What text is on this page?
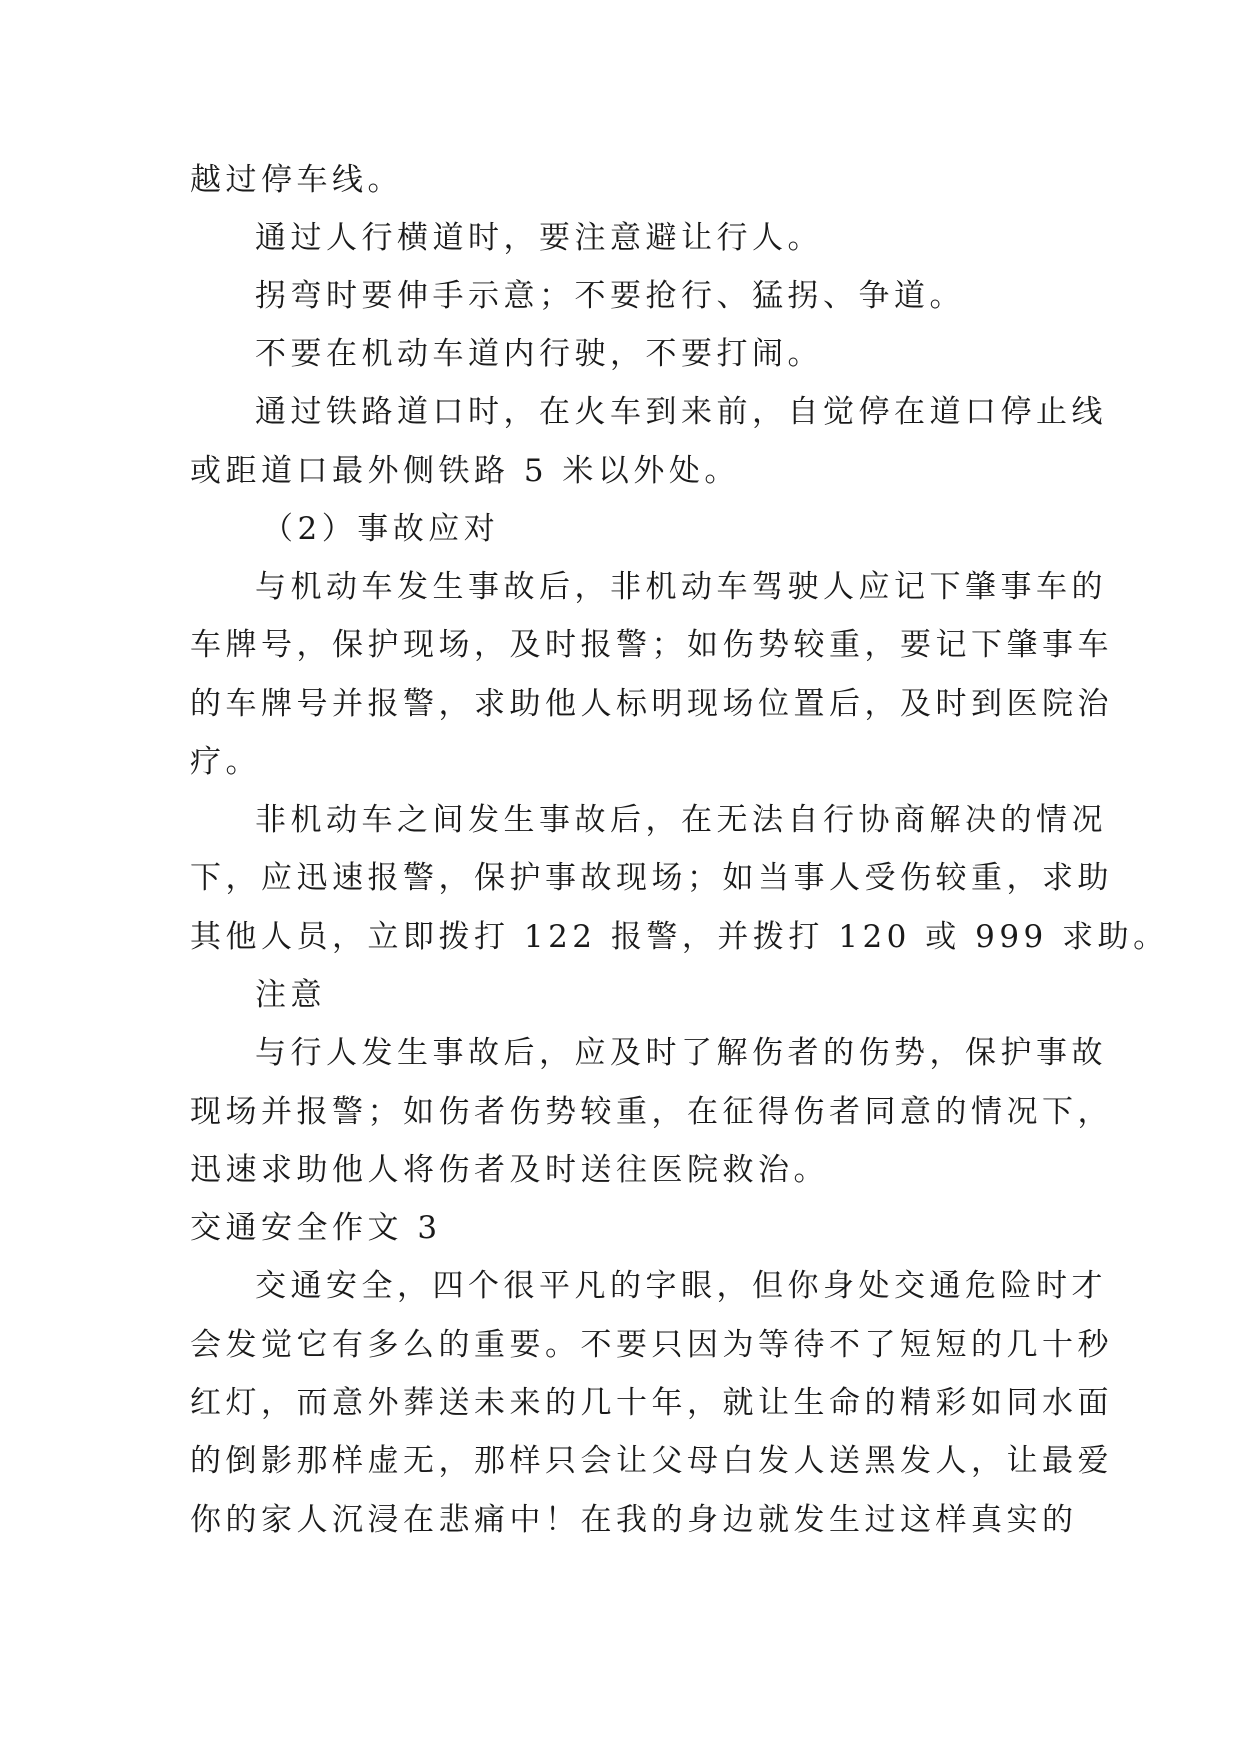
越过停车线。
通过人行横道时，要注意避让行人。
拐弯时要伸手示意；不要抢行、猛拐、争道。
不要在机动车道内行驶，不要打闹。
通过铁路道口时，在火车到来前，自觉停在道口停止线
或距道口最外侧铁路 5 米以外处。
（2）事故应对
与机动车发生事故后，非机动车驾驶人应记下肇事车的
车牌号，保护现场，及时报警；如伤势较重，要记下肇事车
的车牌号并报警，求助他人标明现场位置后，及时到医院治
疗。
非机动车之间发生事故后，在无法自行协商解决的情况
下，应迅速报警，保护事故现场；如当事人受伤较重，求助
其他人员，立即拨打 122 报警，并拨打 120 或 999 求助。
注意
与行人发生事故后，应及时了解伤者的伤势，保护事故
现场并报警；如伤者伤势较重，在征得伤者同意的情况下，
迅速求助他人将伤者及时送往医院救治。
交通安全作文 3
交通安全，四个很平凡的字眼，但你身处交通危险时才
会发觉它有多么的重要。不要只因为等待不了短短的几十秒
红灯，而意外葬送未来的几十年，就让生命的精彩如同水面
的倒影那样虚无，那样只会让父母白发人送黑发人，让最爱
你的家人沉浸在悲痛中！在我的身边就发生过这样真实的
